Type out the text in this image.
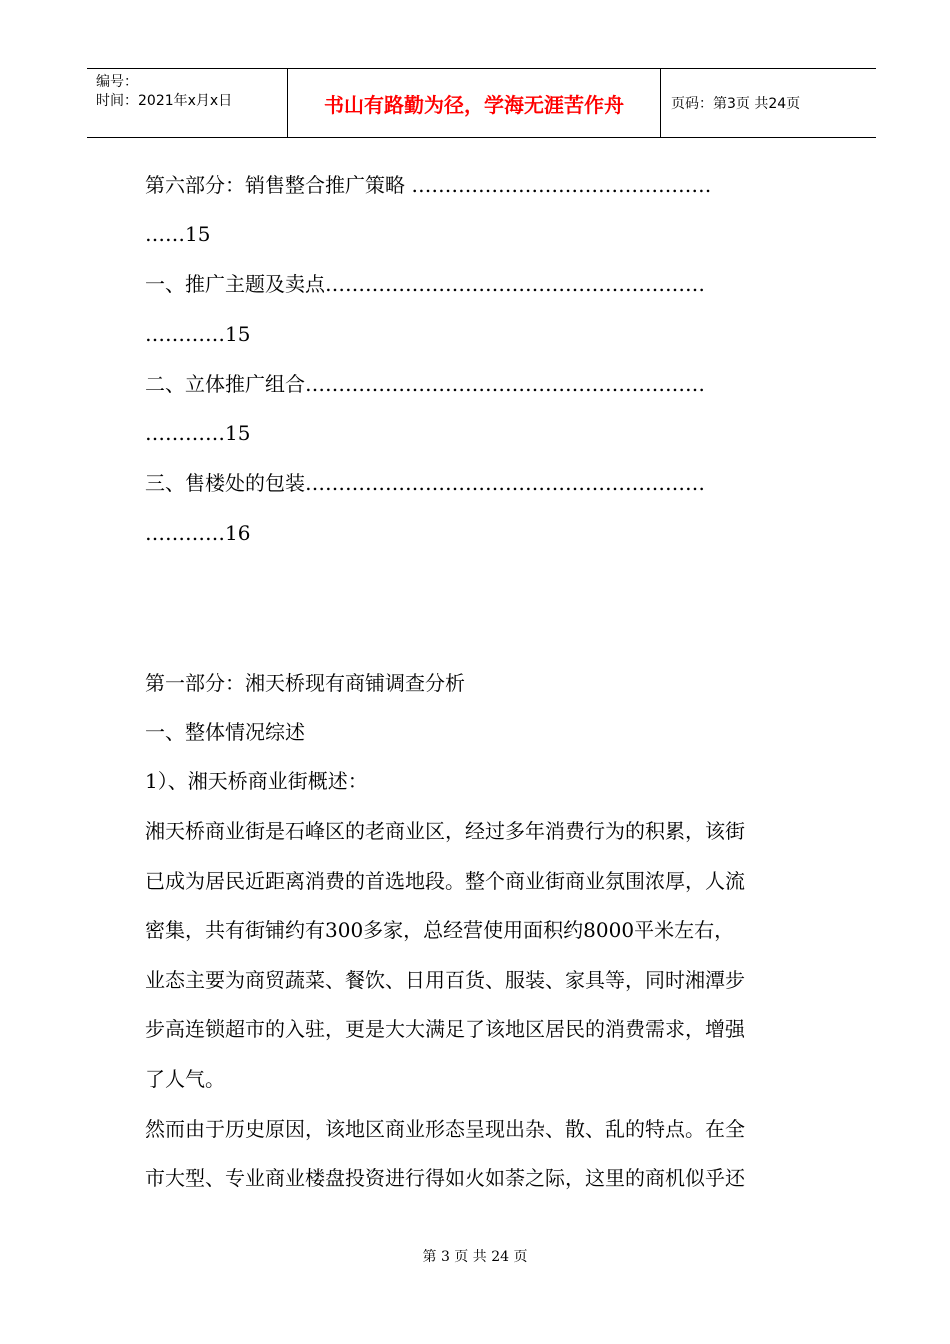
编号：
时间：2021年x月x日	书山有路勤为径，学海无涯苦作舟	页码：第3页 共24页
第六部分：销售整合推广策略 ………………………………………
……15
一、推广主题及卖点…………………………………………………
…………15
二、立体推广组合……………………………………………………
…………15
三、售楼处的包装……………………………………………………
…………16
第一部分：湘天桥现有商铺调查分析
一、整体情况综述
1）、湘天桥商业街概述：
湘天桥商业街是石峰区的老商业区，经过多年消费行为的积累，该街
已成为居民近距离消费的首选地段。整个商业街商业氛围浓厚，人流
密集，共有街铺约有300多家，总经营使用面积约8000平米左右，
业态主要为商贸蔬菜、餐饮、日用百货、服装、家具等，同时湘潭步
步高连锁超市的入驻，更是大大满足了该地区居民的消费需求，增强
了人气。
然而由于历史原因，该地区商业形态呈现出杂、散、乱的特点。在全
市大型、专业商业楼盘投资进行得如火如荼之际，这里的商机似乎还
第 3 页 共 24 页
